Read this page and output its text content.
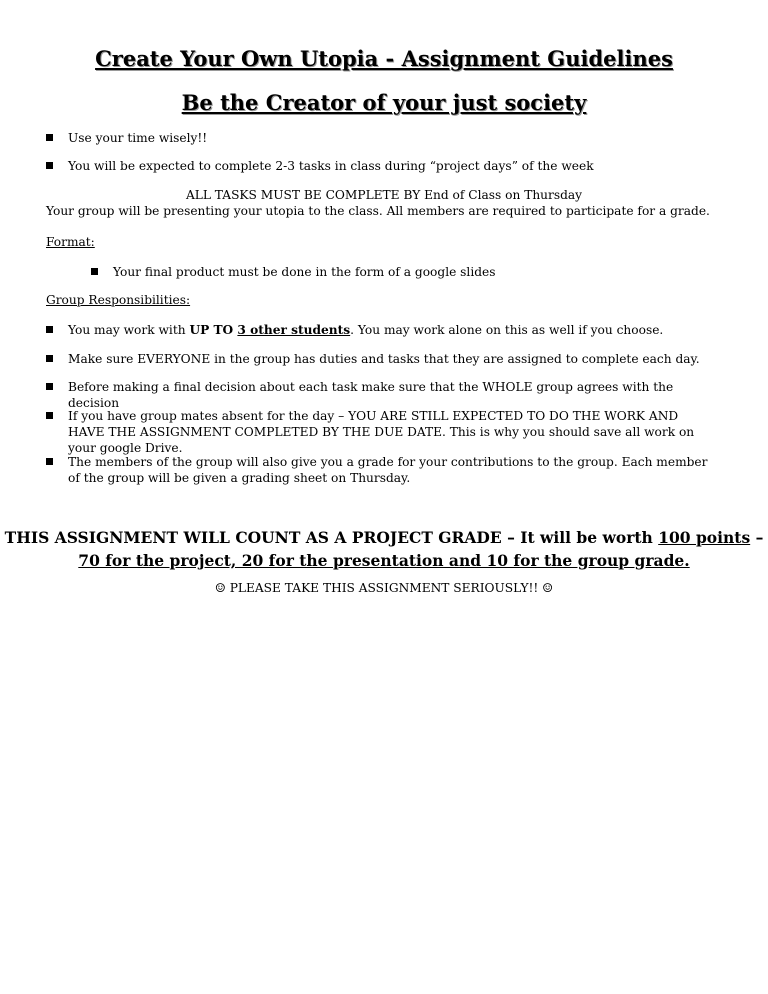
Create Your Own Utopia - Assignment Guidelines
Be the Creator of your just society
Use your time wisely!!
You will be expected to complete 2-3 tasks in class during “project days” of the week
ALL TASKS MUST BE COMPLETE BY End of Class on Thursday
Your group will be presenting your utopia to the class. All members are required to participate for a grade.
Format:
Your final product must be done in the form of a google slides
Group Responsibilities:
You may work with UP TO 3 other students. You may work alone on this as well if you choose.
Make sure EVERYONE in the group has duties and tasks that they are assigned to complete each day.
Before making a final decision about each task make sure that the WHOLE group agrees with the decision
If you have group mates absent for the day – YOU ARE STILL EXPECTED TO DO THE WORK AND HAVE THE ASSIGNMENT COMPLETED BY THE DUE DATE. This is why you should save all work on your google Drive.
The members of the group will also give you a grade for your contributions to the group. Each member of the group will be given a grading sheet on Thursday.
THIS ASSIGNMENT WILL COUNT AS A PROJECT GRADE – It will be worth 100 points –
70 for the project, 20 for the presentation and 10 for the group grade.
☺ PLEASE TAKE THIS ASSIGNMENT SERIOUSLY!! ☺
